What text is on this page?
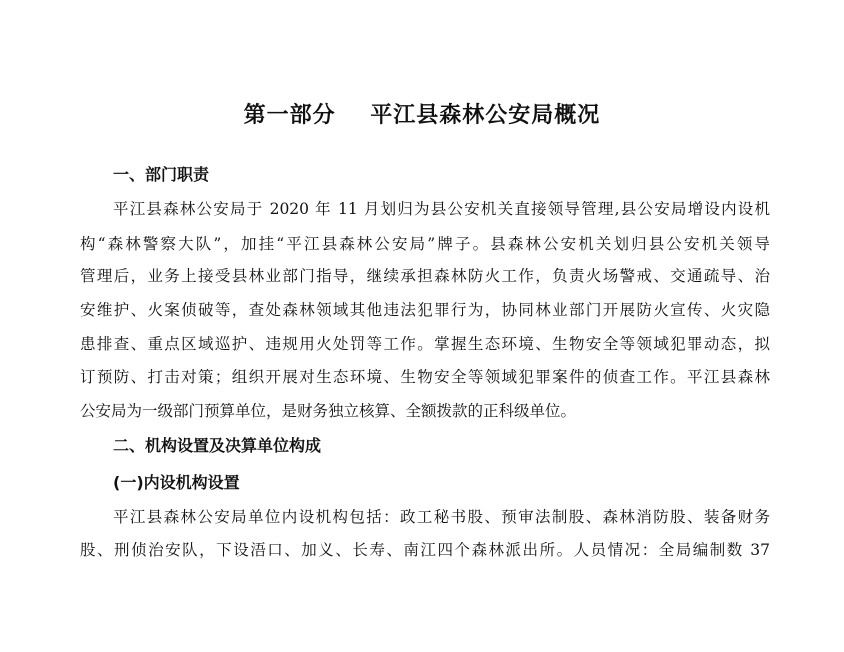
第一部分    平江县森林公安局概况
一、部门职责
平江县森林公安局于 2020 年 11 月划归为县公安机关直接领导管理,县公安局增设内设机
构“森林警察大队”，加挂“平江县森林公安局”牌子。县森林公安机关划归县公安机关领导
管理后，业务上接受县林业部门指导，继续承担森林防火工作，负责火场警戒、交通疏导、治
安维护、火案侦破等，查处森林领域其他违法犯罪行为，协同林业部门开展防火宣传、火灾隐
患排查、重点区域巡护、违规用火处罚等工作。掌握生态环境、生物安全等领域犯罪动态，拟
订预防、打击对策；组织开展对生态环境、生物安全等领域犯罪案件的侦查工作。平江县森林
公安局为一级部门预算单位，是财务独立核算、全额拨款的正科级单位。
二、机构设置及决算单位构成
(一)内设机构设置
平江县森林公安局单位内设机构包括：政工秘书股、预审法制股、森林消防股、装备财务
股、刑侦治安队，下设浯口、加义、长寿、南江四个森林派出所。人员情况：全局编制数 37
